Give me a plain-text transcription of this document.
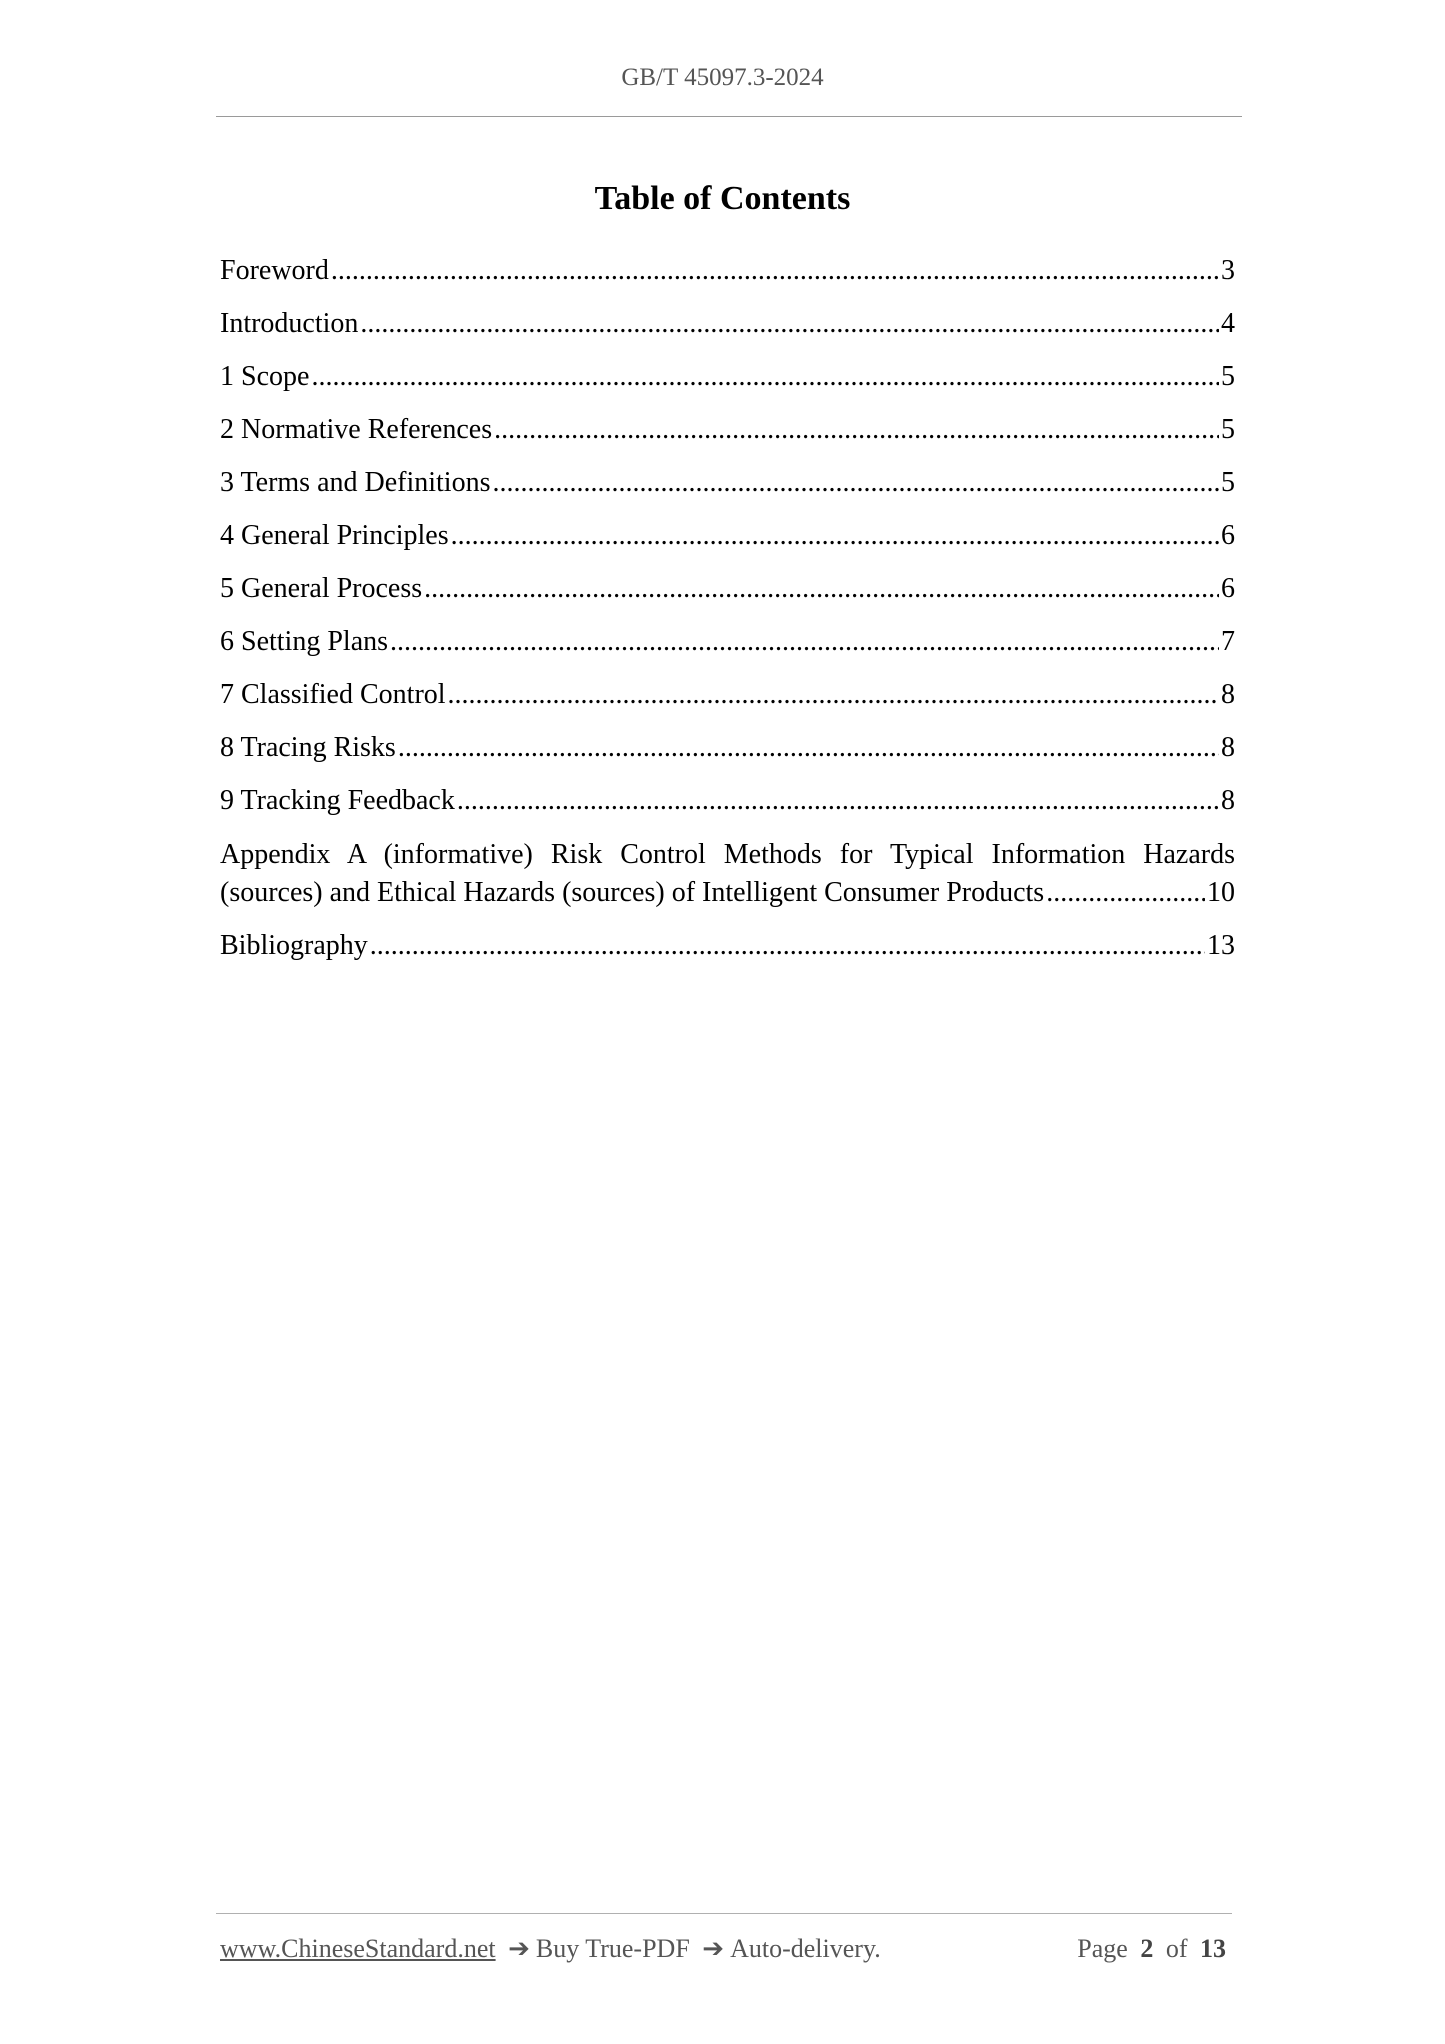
GB/T 45097.3-2024
Table of Contents
Foreword .....	3
Introduction .....	4
1 Scope .....	5
2 Normative References .....	5
3 Terms and Definitions .....	5
4 General Principles .....	6
5 General Process .....	6
6 Setting Plans .....	7
7 Classified Control .....	8
8 Tracing Risks .....	8
9 Tracking Feedback .....	8
Appendix A (informative) Risk Control Methods for Typical Information Hazards
(sources) and Ethical Hazards (sources) of Intelligent Consumer Products .....	10
Bibliography .....	13
www.ChineseStandard.net ➔ Buy True-PDF ➔ Auto-delivery.	Page 2 of 13
